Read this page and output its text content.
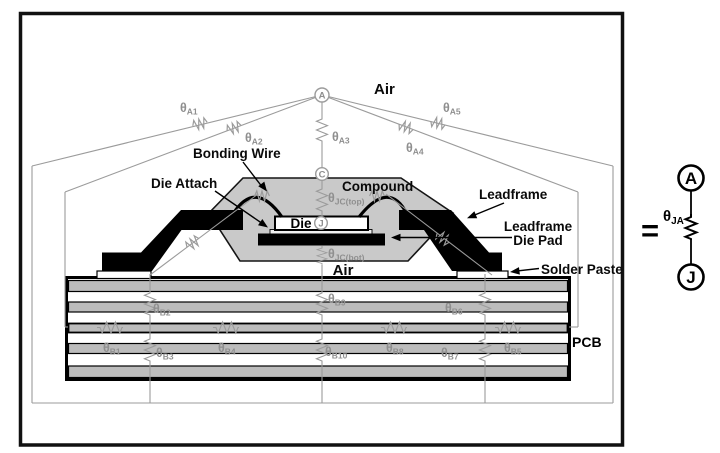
A
C
J
$\theta_{A1}$
$\theta_{A2}$	$\theta_{A3}$
$\theta_{A4}$
$\theta_{A5}$
$\theta_{JC(top)}$
$\theta_{JC(bot)}$
$\theta_{B1}$
$\theta_{B2}$
$\theta_{B3}$
$\theta_{B4}$	$\theta_{B5}$
$\theta_{B6}$
$\theta_{B7}$
$\theta_{B8}$
$\theta_{B9}$
$\theta_{B10}$
Air
Air
Bonding Wire
Die Attach	Compound
Leadframe
Leadframe
Die Pad
Solder Paste
PCB
Die	=
A
J
$\theta_{JA}$
